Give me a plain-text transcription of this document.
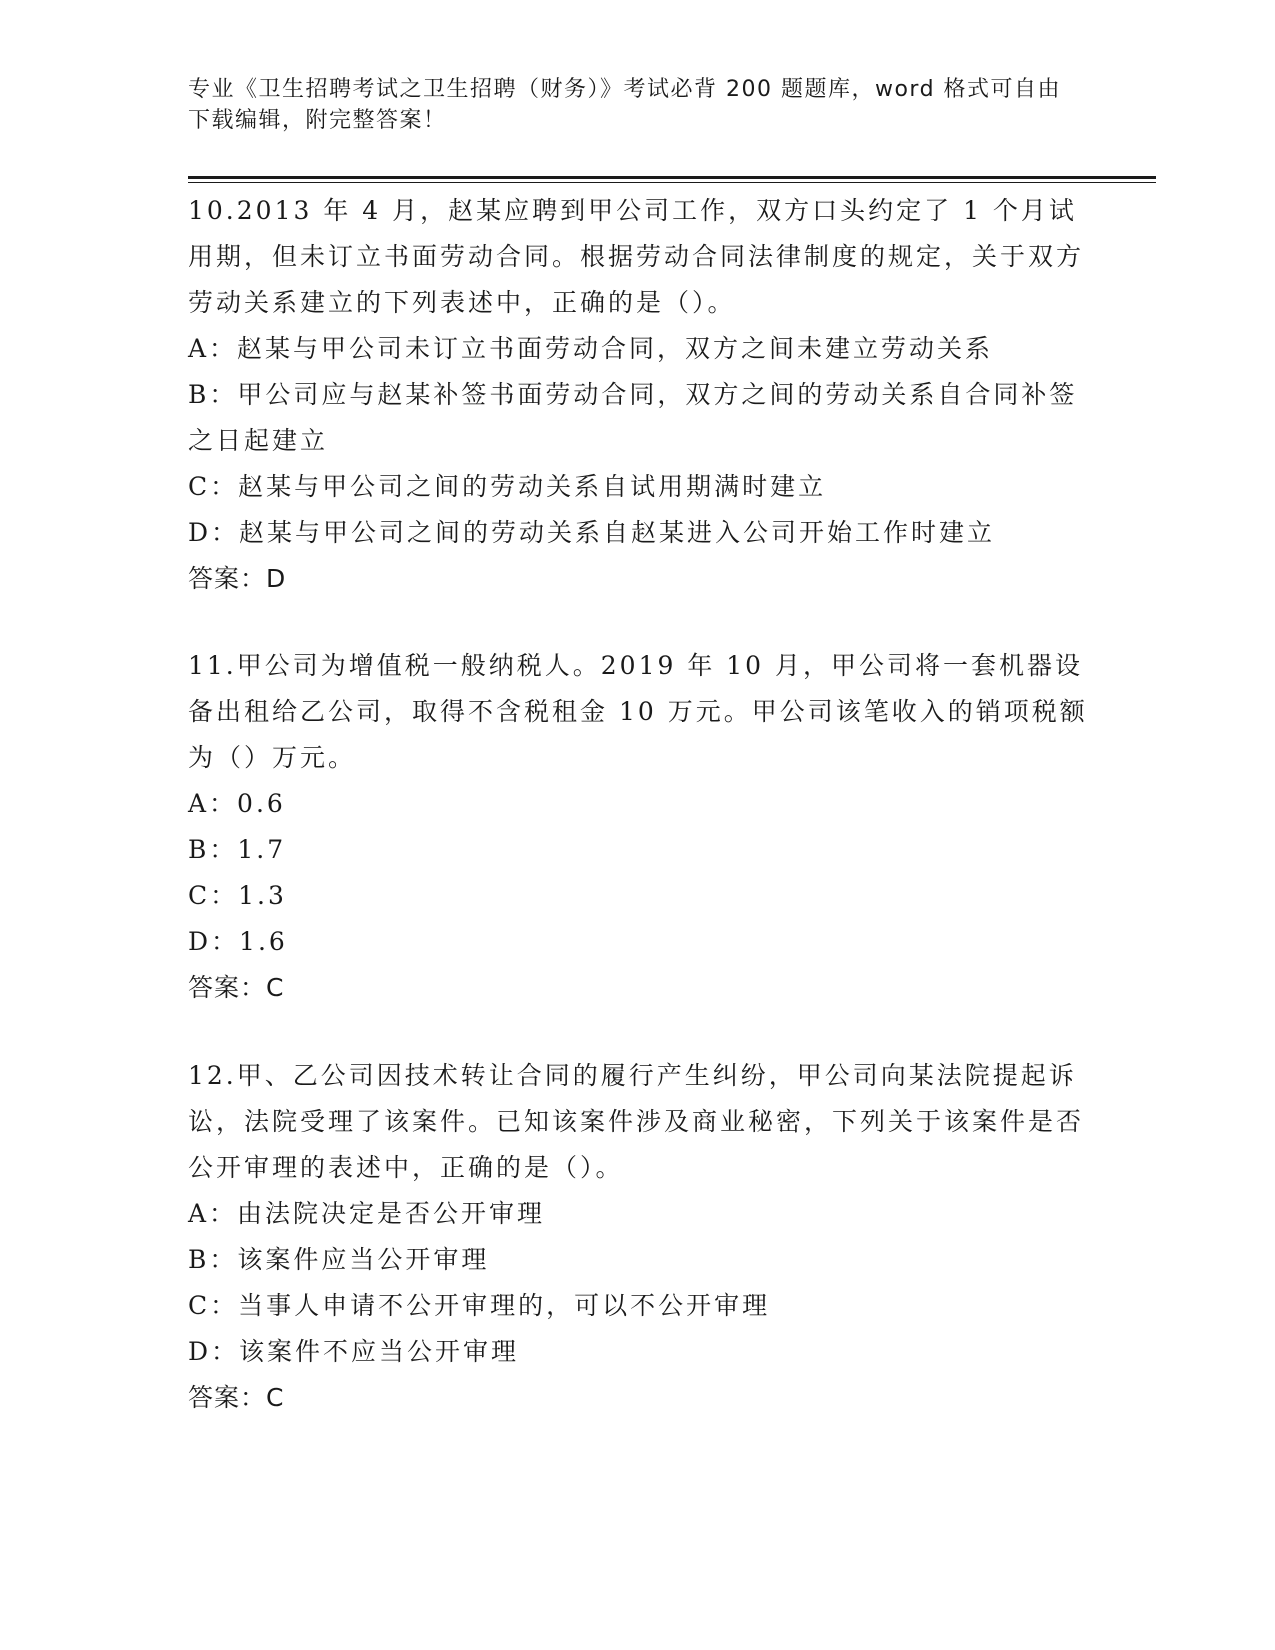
专业《卫生招聘考试之卫生招聘（财务）》考试必背 200 题题库，word 格式可自由下载编辑，附完整答案！

10.2013 年 4 月，赵某应聘到甲公司工作，双方口头约定了 1 个月试用期，但未订立书面劳动合同。根据劳动合同法律制度的规定，关于双方劳动关系建立的下列表述中，正确的是（）。

A：赵某与甲公司未订立书面劳动合同，双方之间未建立劳动关系

B：甲公司应与赵某补签书面劳动合同，双方之间的劳动关系自合同补签之日起建立

C：赵某与甲公司之间的劳动关系自试用期满时建立

D：赵某与甲公司之间的劳动关系自赵某进入公司开始工作时建立

答案：D

11.甲公司为增值税一般纳税人。2019 年 10 月，甲公司将一套机器设备出租给乙公司，取得不含税租金 10 万元。甲公司该笔收入的销项税额为（）万元。

A：0.6

B：1.7

C：1.3

D：1.6

答案：C

12.甲、乙公司因技术转让合同的履行产生纠纷，甲公司向某法院提起诉讼，法院受理了该案件。已知该案件涉及商业秘密，下列关于该案件是否公开审理的表述中，正确的是（）。

A：由法院决定是否公开审理

B：该案件应当公开审理

C：当事人申请不公开审理的，可以不公开审理

D：该案件不应当公开审理

答案：C
